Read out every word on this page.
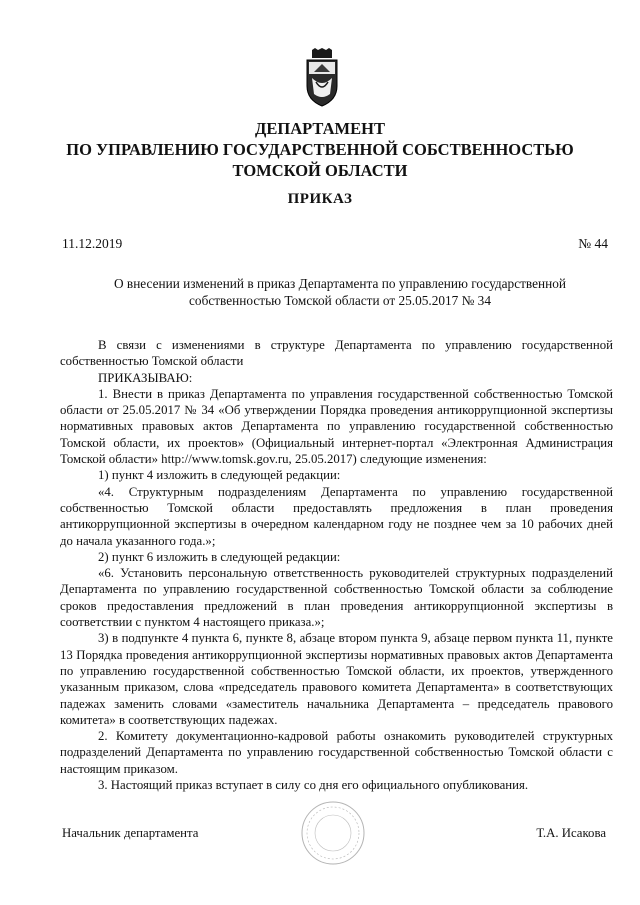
ДЕПАРТАМЕНТ
ПО УПРАВЛЕНИЮ ГОСУДАРСТВЕННОЙ СОБСТВЕННОСТЬЮ
ТОМСКОЙ ОБЛАСТИ
ПРИКАЗ
11.12.2019	№ 44
О внесении изменений в приказ Департамента по управлению государственной
собственностью Томской области от 25.05.2017 № 34

В связи с изменениями в структуре Департамента по управлению государственной собственностью Томской области

ПРИКАЗЫВАЮ:

1. Внести в приказ Департамента по управления государственной собственностью Томской области от 25.05.2017 № 34 «Об утверждении Порядка проведения антикоррупционной экспертизы нормативных правовых актов Департамента по управлению государственной собственностью Томской области, их проектов» (Официальный интернет-портал «Электронная Администрация Томской области» http://www.tomsk.gov.ru, 25.05.2017) следующие изменения:

1) пункт 4 изложить в следующей редакции:

«4. Структурным подразделениям Департамента по управлению государственной собственностью Томской области предоставлять предложения в план проведения антикоррупционной экспертизы в очередном календарном году не позднее чем за 10 рабочих дней до начала указанного года.»;

2) пункт 6 изложить в следующей редакции:

«6. Установить персональную ответственность руководителей структурных подразделений Департамента по управлению государственной собственностью Томской области за соблюдение сроков предоставления предложений в план проведения антикоррупционной экспертизы в соответствии с пунктом 4 настоящего приказа.»;

3) в подпункте 4 пункта 6, пункте 8, абзаце втором пункта 9, абзаце первом пункта 11, пункте 13 Порядка проведения антикоррупционной экспертизы нормативных правовых актов Департамента по управлению государственной собственностью Томской области, их проектов, утвержденного указанным приказом, слова «председатель правового комитета Департамента» в соответствующих падежах заменить словами «заместитель начальника Департамента – председатель правового комитета» в соответствующих падежах.

2. Комитету документационно-кадровой работы ознакомить руководителей структурных подразделений Департамента по управлению государственной собственностью Томской области с настоящим приказом.

3. Настоящий приказ вступает в силу со дня его официального опубликования.

Начальник департамента	Т.А. Исакова
